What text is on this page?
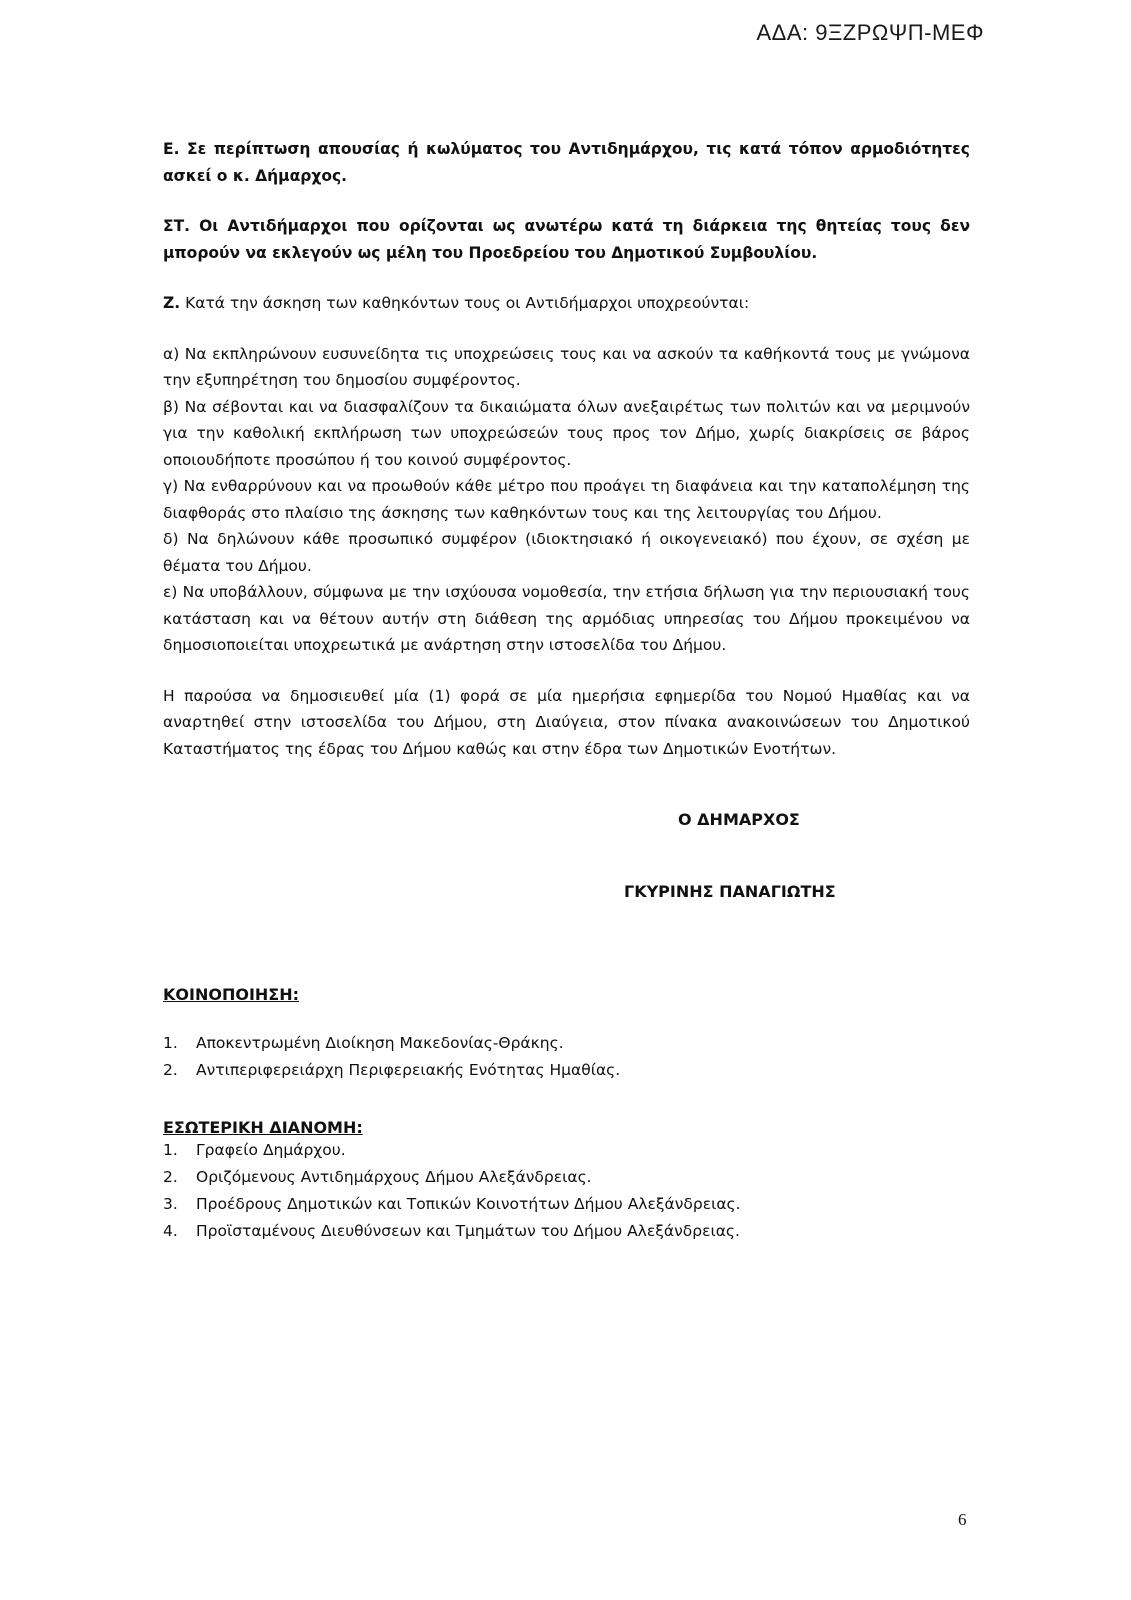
ΑΔΑ: 9ΞΖΡΩΨΠ-ΜΕΦ

Ε. Σε περίπτωση απουσίας ή κωλύματος του Αντιδημάρχου, τις κατά τόπον αρμοδιότητες ασκεί ο κ. Δήμαρχος.

ΣΤ. Οι Αντιδήμαρχοι που ορίζονται ως ανωτέρω κατά τη διάρκεια της θητείας τους δεν μπορούν να εκλεγούν ως μέλη του Προεδρείου του Δημοτικού Συμβουλίου.

Ζ. Κατά την άσκηση των καθηκόντων τους οι Αντιδήμαρχοι υποχρεούνται:

α) Να εκπληρώνουν ευσυνείδητα τις υποχρεώσεις τους και να ασκούν τα καθήκοντά τους με γνώμονα την εξυπηρέτηση του δημοσίου συμφέροντος.

β) Να σέβονται και να διασφαλίζουν τα δικαιώματα όλων ανεξαιρέτως των πολιτών και να μεριμνούν για την καθολική εκπλήρωση των υποχρεώσεών τους προς τον Δήμο, χωρίς διακρίσεις σε βάρος οποιουδήποτε προσώπου ή του κοινού συμφέροντος.

γ) Να ενθαρρύνουν και να προωθούν κάθε μέτρο που προάγει τη διαφάνεια και την καταπολέμηση της διαφθοράς στο πλαίσιο της άσκησης των καθηκόντων τους και της λειτουργίας του Δήμου.

δ) Να δηλώνουν κάθε προσωπικό συμφέρον (ιδιοκτησιακό ή οικογενειακό) που έχουν, σε σχέση με θέματα του Δήμου.

ε) Να υποβάλλουν, σύμφωνα με την ισχύουσα νομοθεσία, την ετήσια δήλωση για την περιουσιακή τους κατάσταση και να θέτουν αυτήν στη διάθεση της αρμόδιας υπηρεσίας του Δήμου προκειμένου να δημοσιοποιείται υποχρεωτικά με ανάρτηση στην ιστοσελίδα του Δήμου.

Η παρούσα να δημοσιευθεί μία (1) φορά σε μία ημερήσια εφημερίδα του Νομού Ημαθίας και να αναρτηθεί στην ιστοσελίδα του Δήμου, στη Διαύγεια, στον πίνακα ανακοινώσεων του Δημοτικού Καταστήματος της έδρας του Δήμου καθώς και στην έδρα των Δημοτικών Ενοτήτων.

Ο ΔΗΜΑΡΧΟΣ
ΓΚΥΡΙΝΗΣ ΠΑΝΑΓΙΩΤΗΣ

ΚΟΙΝΟΠΟΙΗΣΗ:

1.	Αποκεντρωμένη Διοίκηση Μακεδονίας-Θράκης.
2.	Αντιπεριφερειάρχη Περιφερειακής Ενότητας Ημαθίας.

ΕΣΩΤΕΡΙΚΗ ΔΙΑΝΟΜΗ:

1.	Γραφείο Δημάρχου.
2.	Οριζόμενους Αντιδημάρχους Δήμου Αλεξάνδρειας.
3.	Προέδρους Δημοτικών και Τοπικών Κοινοτήτων Δήμου Αλεξάνδρειας.
4.	Προϊσταμένους Διευθύνσεων και Τμημάτων του Δήμου Αλεξάνδρειας.
6
